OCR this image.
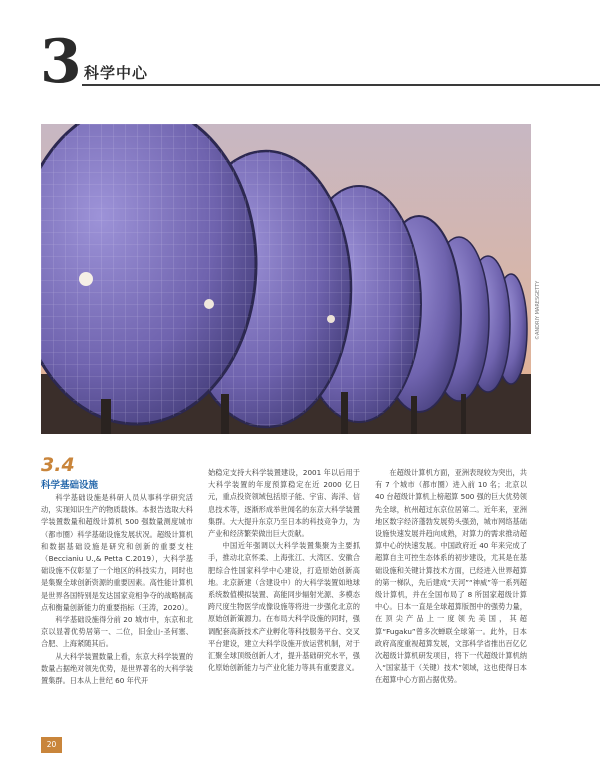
3 科学中心
©ANDRIY MARESGETTY
3.4
科学基础设施

科学基础设施是科研人员从事科学研究活动，实现知识生产的物质载体。本报告选取大科学装置数量和超级计算机 500 强数量测度城市（都市圈）科学基础设施发展状况。超级计算机和数据基础设施是研究和创新的重要支柱（Beccianiu U.,& Petta C.2019），大科学基础设施不仅彰显了一个地区的科技实力，同时也是集聚全球创新资源的重要因素。高性能计算机是世界各国特别是发达国家竞相争夺的战略制高点和衡量创新能力的重要指标（王涛，2020）。

科学基础设施得分前 20 城市中，东京和北京以显著优势居第一、二位，旧金山-圣何塞、合肥、上海紧随其后。

从大科学装置数量上看，东京大科学装置的数量占据绝对领先优势，是世界著名的大科学装置集群。日本从上世纪 60 年代开

始稳定支持大科学装置建设，2001 年以后用于大科学装置的年度预算稳定在近 2000 亿日元，重点投资领域包括原子能、宇宙、海洋、信息技术等，逐渐形成举世闻名的东京大科学装置集群。大大提升东京乃至日本的科技竞争力，为产业和经济繁荣做出巨大贡献。

中国近年强调以大科学装置集聚为主要抓手，推动北京怀柔、上海张江、大湾区、安徽合肥综合性国家科学中心建设，打造原始创新高地。北京新建（含建设中）的大科学装置如地球系统数值模拟装置、高能同步辐射光源、多模态跨尺度生物医学成像设施等将进一步强化北京的原始创新策源力。在布局大科学设施的同时，强调配套高新技术产业孵化等科技服务平台、交叉平台建设，建立大科学设施开放运营机制，对于汇聚全球顶级创新人才，提升基础研究水平，强化原始创新能力与产业化能力等具有重要意义。

在超级计算机方面，亚洲表现较为突出，共有 7 个城市（都市圈）进入前 10 名；北京以 40 台超级计算机上榜超算 500 强的巨大优势领先全球，杭州超过东京位居第二。近年来，亚洲地区数字经济蓬勃发展势头强劲，城市网络基础设施快速发展并趋向成熟，对算力的需求推动超算中心的快速发展。中国政府近 40 年来完成了超算自主可控生态体系的初步建设，尤其是在基础设施和关键计算技术方面，已经进入世界超算的第一梯队，先后建成“天河”“神威”等一系列超级计算机，并在全国布局了 8 所国家超级计算中心。日本一直是全球超算版图中的强势力量，在顶尖产品上一度领先美国，其超算“Fugaku”曾多次蝉联全球第一。此外，日本政府高度重视超算发展，文部科学省推出百亿亿次超级计算机研发项目，将下一代超级计算机纳入“国家基干（关键）技术”领域，这也使得日本在超算中心方面占据优势。

20
